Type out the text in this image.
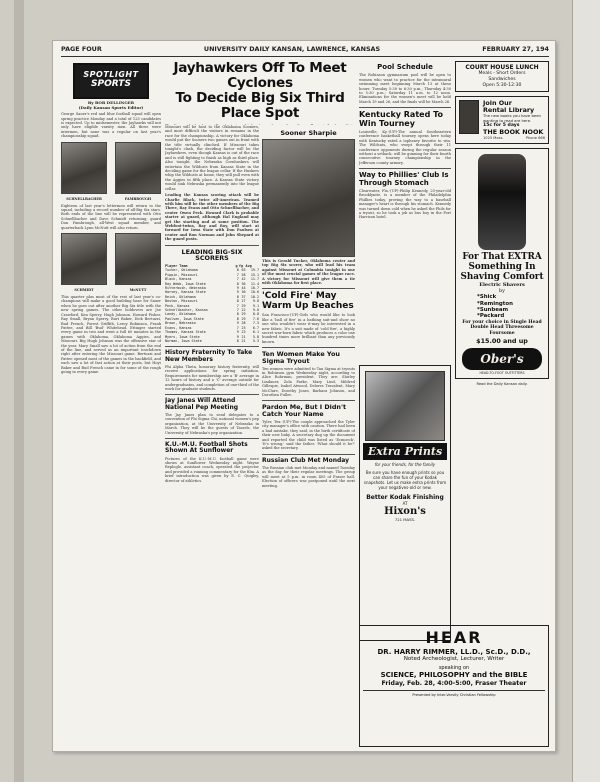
PAGE FOUR	UNIVERSITY DAILY KANSAN, LAWRENCE, KANSAS	FEBRUARY 27, 194
SPOTLIGHT
SPORTS
By BOB DELLINGER
(Daily Kansan Sports Editor)
George Sauer's red and blue football squad will open spring practice Monday and a total of 125 candidates is expected. Up to midsemester, the Jayhawks will not only have eligible varsity men. All three were intermen, but none was a regular on last year's championship squad.
SCHNELLBACHER	FAMBROUGH
Eighteen of last year's lettermen will return to the squad, including a record number of all-Big Six stars. Both ends of the line will be represented with Otto Schnellbacher and Dave Schmidt returning; guard Don Fambrough, all-West squad member, and quarterback Lynn McNutt will also return.
SCHMIDT	McNUTT
This quarter plus most of the rest of last year's co-champions will make a good building base for Sauer when he goes out after another Big Six title with the new spring games. The other holdovers are Joe Crawford, Ken Sperry, Hugh Johnson, Howard Fisher, Ray Small, Bryan Sperry, Burt Baker, Dick Bertuzzi, Bud French, Forest Griffith, Leroy Robinson, Frank Pattee, and Bill 'Bud' Whitehead. Ettinger started every game in two and went a full 60 minutes in the games with Oklahoma, Oklahoma Aggies, and Missouri. Big Hugh Johnson was the offensive star of the year. Mary Small saw a lot of action from the end of the line, and served as an important touchdown right after entering the Missouri game. Bertuzzi and Pattee opened most of the games in the backfield, and each saw a lot of fast action at their posts, but Hoyt Baker and Bud French came in for some of the rough going in every game.
Jayhawkers Off To Meet Cyclones
To Decide Big Six Third Place Spot
Missouri will be host to the Oklahoma Sooners, and most difficult the visitors in remains in the race for the championship. A victory for Oklahoma would put the Sooners two games out in front with the title virtually clinched. If Missouri takes tonight's clash, the deciding factor will be the Jayhawkers, even though Kansas is out of the race and is still fighting to finish as high as third place. Also tonight, the Nebraska Cornhuskers will entertain the Wildcats from Kansas State in the deciding game for the league cellar. If the Huskers whip the Wildcats at home, they will pull even with the Aggies in fifth place. A Kansas State victory would sink Nebraska permanently into the league cellar.
Leading the Kansas scoring attack will be Charlie Black, twice all-American. Teamed with him will be the other members of the Big Three, Ray Evans and Otto Schnellbacher, and center Owen Peck. Howard Clark is probable starter at guard, although Hal England may get the starting nod at some position. The Webfoot-twins, Ray and Roy, will start at forward for Iowa State with Don Paulsen at center and Ron Norman and John Shepard at the guard posts.
LEADING BIG-SIX SCORERS
Player Team	g	fg	Avg
Tucker, Oklahoma	8	63	19.7
Pippin, Missouri	7	58	15.1
Black, Kansas	7	42	11.7
Ray Webb, Iowa State	8	36	11.4
Ritterbush, Nebraska	9	44	10.7
Harvey, Kansas State	9	36	10.6
Reich, Oklahoma	8	37	10.2
Boston, Missouri	8	27	9.8
Peck, Kansas	7	29	9.1
Schnellbacher, Kansas	7	22	9.0
Landy, Oklahoma	8	29	8.8
Paulsen, Iowa State	8	29	7.6
Brown, Nebraska	9	28	7.3
Evans, Kansas	7	23	6.7
Thomas, Kansas State	9	23	6.1
Myers, Iowa State	9	21	5.8
Norman, Iowa State	8	21	5.3
History Fraternity To Take New Members
Phi Alpha Theta, honorary history fraternity, will receive applications for spring initiation. Requirements for membership are a 'B' average in 12 hours of history and a 'C' average outside for undergraduates, and completion of one-third of the work for graduate students.
Jay Janes Will Attend National Pep Meeting
The Jay Janes plan to send delegates to a convention of Phi Sigma Chi, national women's pep organization, at the University of Nebraska in March. They will be the guests of Tassels, the University of Nebraska's pep organization.
K.U.-M.U. Football Shots Shown At Sunflower
Pictures of the K.U.-M.U. football game were shown at Sunflower Wednesday night. Wayne Replogle, assistant coach, operated the projector and provided a running commentary for the film. A brief introduction was given by E. C. Quigley, director of athletics.
Sooner Sharpie
This is Gerald Tucker, Oklahoma center and top Big Six scorer, who will lead his team against Missouri at Columbia tonight in one of the most crucial games of the league race. A victory for Missouri will give them a tie with Oklahoma for first place.
'Cold Fire' May Warm Up Beaches
San Francisco-(UP)-Girls who would like to look like a 'ball of fire' in a bathing suit-and show no one who wouldn't wear it-may be interested in a new fabric. It's a suit made of 'cold fire', a highly secret war-born fabric which produces a color one hundred times more brilliant than any previously known.
Ten Women Make You Sigma Tryout
Ten women were admitted to Tau Sigma at tryouts in Robinson gym Wednesday night, according to Alice Rohrman, president. They are: Shirley Lindauer, Zola Parke, Mary Lind, Mildred Gillespie, Isabel Atwood, Delores Travalent, Mary McClure, Dorothy Jones, Barbara Johnson, and Dorothea Fuller.
Pardon Me, But I Didn't Catch Your Name
Tyler, Tex.-(UP)-The couple approached the Tyler city manager's office with caution. There had been a bad mistake, they said, in the birth certificate of their new baby. A secretary dug up the document and reported the child was listed as 'Ecmoeck'. 'It's wrong,' said the father. 'What should it be?' asked the secretary.
Russian Club Met Monday
The Russian club met Monday and named Tuesday as the day for their regular meetings. The group will meet at 5 p.m. in room 405 of Fraser hall. Election of officers was postponed until the next meeting.
Pool Schedule
The Robinson gymnasium pool will be open to women who want to practice for the intramural swimming meet beginning March 13 at these hours: Tuesday 5:30 to 6:30 p.m.; Thursday 4:30 to 5:30 p.m.; Saturday 11 a.m. to 12 noon. Eliminations for the women's meet will be held March 19 and 26, and the finals will be March 26.
Kentucky Rated To Win Tourney
Louisville, Ky.-(UP)-The annual Southeastern conference basketball tourney opens here today with Kentucky rated a topheavy favorite to win. The Wildcats, who swept through their 11 conference opponents during the regular season without a setback, will be gunning for their fourth consecutive tourney championship in the Jefferson county armory.
Way to Phillies' Club Is Through Stomach
Clearwater, Fla.-(UP)-Philip Kennedy, 25-year-old Brooklynite, is a member of the Philadelphia Phillies today, proving the way to a baseball manager's heart is through his stomach. Kennedy was turned down cold when he asked the Phils for a tryout, so he took a job as bus boy in the Fort Harrison hotel.
Extra Prints
for your friends, for the family
Be sure you have enough prints so you can share the fun of your Kodak snapshots. Let us make extra prints from your negatives-old or new.
Better Kodak Finishing
AT
Hixon's
721 MASS.
COURT HOUSE LUNCH
Meals - Short Orders
Sandwiches
Open 5:30-12:30
Join Our
Rental Library
The new books you have been wanting to read are here.
15c for 5 days
THE BOOK NOOK
1025 Mass.	Phone 666
For That EXTRA Something In Shaving Comfort
Electric Shavers
by
*Shick
*Remington
*Sunbeam
*Packard
For your choice in Single Head Double Head Threesome Foursome
$15.00 and up
Ober's
HEAD-TO-FOOT OUTFITTERS
Read the Daily Kansan daily.
HEAR
DR. HARRY RIMMER, LL.D., Sc.D., D.D.,
Noted Archeologist, Lecturer, Writer
speaking on
SCIENCE, PHILOSOPHY and the BIBLE
Friday, Feb. 28, 4:00-5:00, Fraser Theater
Presented by Inter-Varsity Christian Fellowship
